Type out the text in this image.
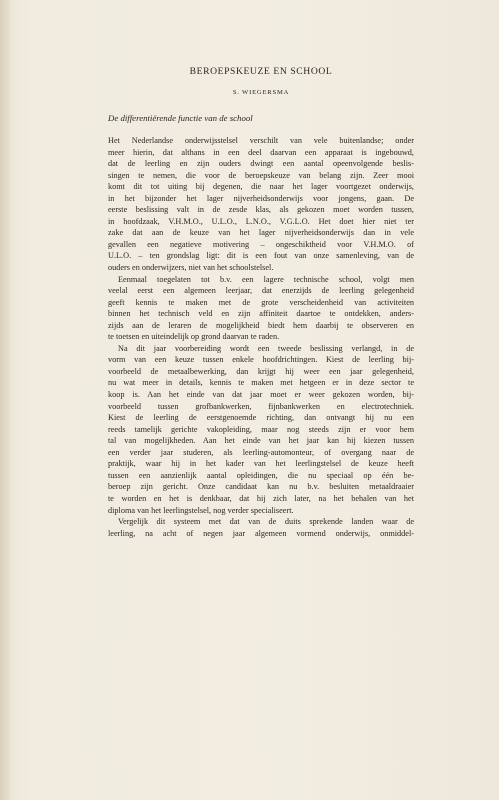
BEROEPSKEUZE EN SCHOOL
S. WIEGERSMA
De differentiërende functie van de school

Het Nederlandse onderwijsstelsel verschilt van vele buitenlandse; onder
meer hierin, dat althans in een deel daarvan een apparaat is ingebouwd,
dat de leerling en zijn ouders dwingt een aantal opeenvolgende beslis-
singen te nemen, die voor de beroepskeuze van belang zijn. Zeer mooi
komt dit tot uiting bij degenen, die naar het lager voortgezet onderwijs,
in het bijzonder het lager nijverheidsonderwijs voor jongens, gaan. De
eerste beslissing valt in de zesde klas, als gekozen moet worden tussen,
in hoofdzaak, V.H.M.O., U.L.O., L.N.O., V.G.L.O. Het doet hier niet ter
zake dat aan de keuze van het lager nijverheidsonderwijs dan in vele
gevallen een negatieve motivering – ongeschiktheid voor V.H.M.O. of
U.L.O. – ten grondslag ligt: dit is een fout van onze samenleving, van de
ouders en onderwijzers, niet van het schoolstelsel.

Eenmaal toegelaten tot b.v. een lagere technische school, volgt men
veelal eerst een algemeen leerjaar, dat enerzijds de leerling gelegenheid
geeft kennis te maken met de grote verscheidenheid van activiteiten
binnen het technisch veld en zijn affiniteit daartoe te ontdekken, anders-
zijds aan de leraren de mogelijkheid biedt hem daarbij te observeren en
te toetsen en uiteindelijk op grond daarvan te raden.

Na dit jaar voorbereiding wordt een tweede beslissing verlangd, in de
vorm van een keuze tussen enkele hoofdrichtingen. Kiest de leerling bij-
voorbeeld de metaalbewerking, dan krijgt hij weer een jaar gelegenheid,
nu wat meer in details, kennis te maken met hetgeen er in deze sector te
koop is. Aan het einde van dat jaar moet er weer gekozen worden, bij-
voorbeeld tussen grofbankwerken, fijnbankwerken en electrotechniek.
Kiest de leerling de eerstgenoemde richting, dan ontvangt hij nu een
reeds tamelijk gerichte vakopleiding, maar nog steeds zijn er voor hem
tal van mogelijkheden. Aan het einde van het jaar kan hij kiezen tussen
een verder jaar studeren, als leerling-automonteur, of overgang naar de
praktijk, waar hij in het kader van het leerlingstelsel de keuze heeft
tussen een aanzienlijk aantal opleidingen, die nu speciaal op één be-
beroep zijn gericht. Onze candidaat kan nu b.v. besluiten metaaldraaier
te worden en het is denkbaar, dat hij zich later, na het behalen van het
diploma van het leerlingstelsel, nog verder specialiseert.

Vergelijk dit systeem met dat van de duits sprekende landen waar de
leerling, na acht of negen jaar algemeen vormend onderwijs, onmiddel-
